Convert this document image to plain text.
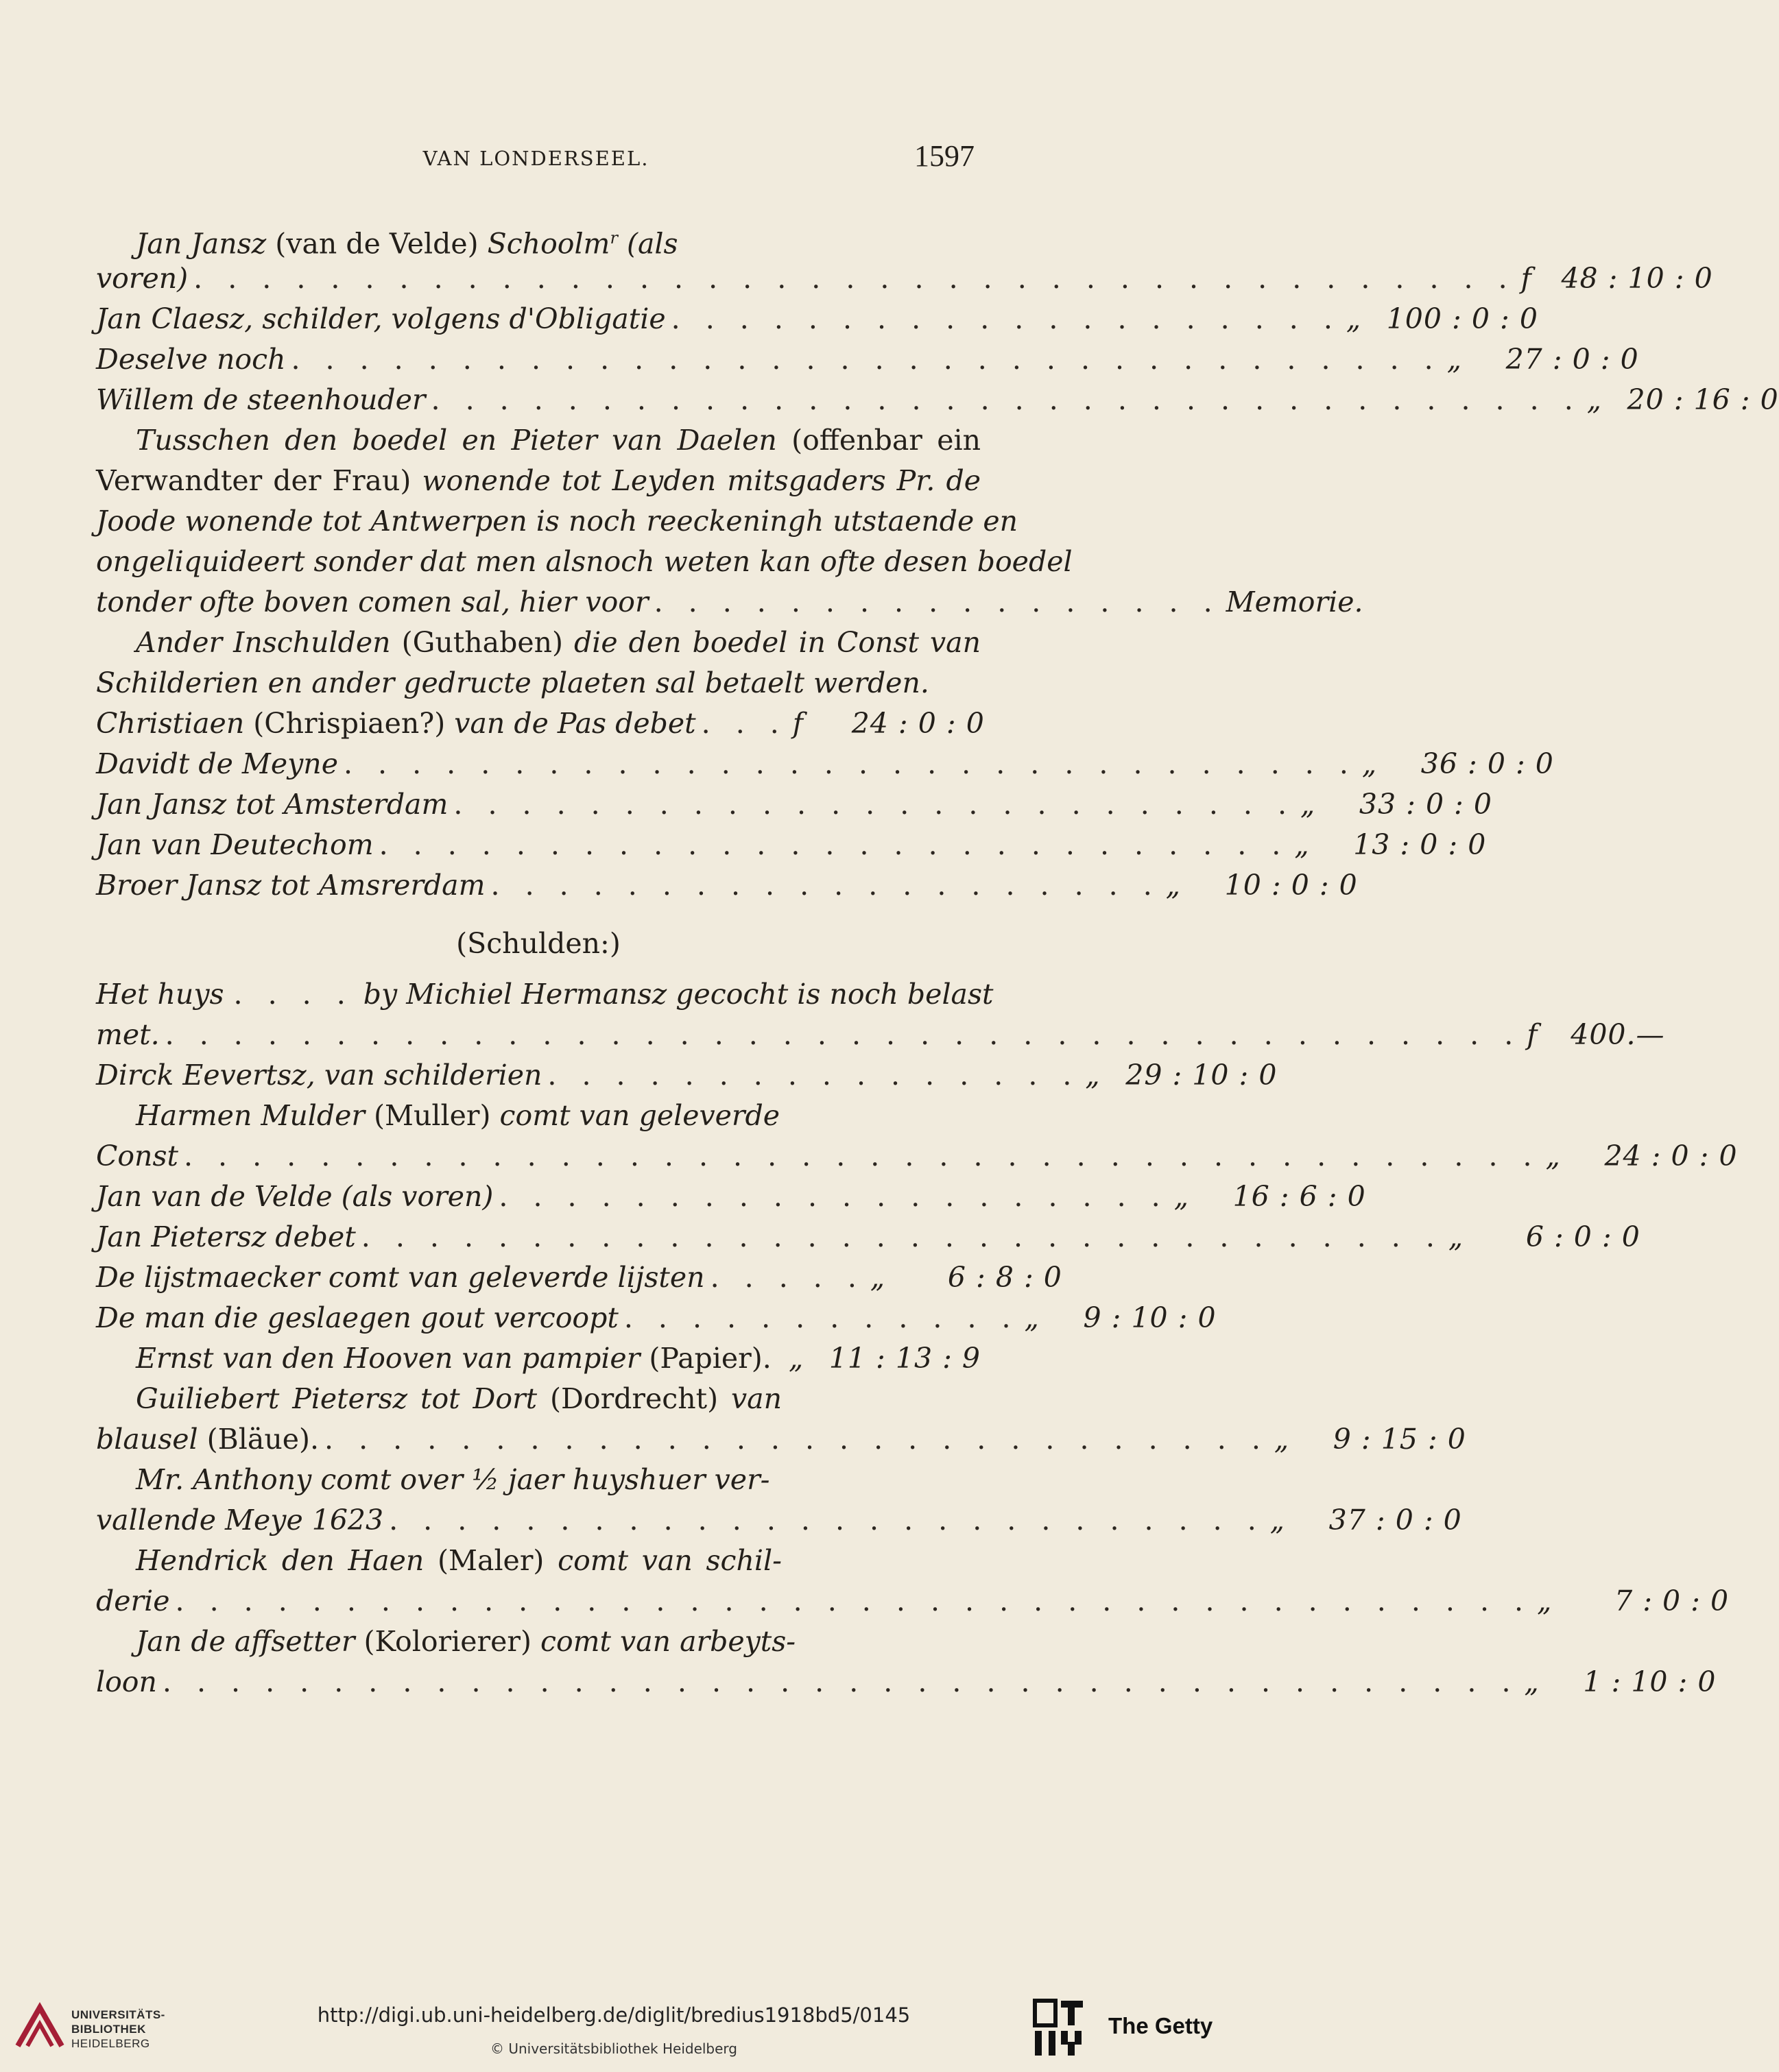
VAN LONDERSEEL.	1597
Jan Jansz (van de Velde) Schoolm$^r$ (als
voren) . . . . . . . . . . . . . . . . . . . . . . . . . . . . . . . . . . . . . . . f	48 : 10 : 0
Jan Claesz, schilder, volgens d'Obligatie . . . . . . . . . . . . . . . . . . . . „ 100 : 0 : 0
Deselve noch . . . . . . . . . . . . . . . . . . . . . . . . . . . . . . . . . . „	27 : 0 : 0
Willem de steenhouder . . . . . . . . . . . . . . . . . . . . . . . . . . . . . . . . . . „ 20 : 16 : 0
Tusschen den boedel en Pieter van Daelen (offenbar ein
Verwandter der Frau) wonende tot Leyden mitsgaders Pr. de
Joode wonende tot Antwerpen is noch reeckeningh utstaende en
ongeliquideert sonder dat men alsnoch weten kan ofte desen boedel
tonder ofte boven comen sal, hier voor . . . . . . . . . . . . . . . . . Memorie.
Ander Inschulden (Guthaben) die den boedel in Const van
Schilderien en ander gedructe plaeten sal betaelt werden.
Christiaen (Chrispiaen?) van de Pas debet . . . f	24 : 0 : 0
Davidt de Meyne . . . . . . . . . . . . . . . . . . . . . . . . . . . . . . „	36 : 0 : 0
Jan Jansz tot Amsterdam . . . . . . . . . . . . . . . . . . . . . . . . . „	33 : 0 : 0
Jan van Deutechom . . . . . . . . . . . . . . . . . . . . . . . . . . . „	13 : 0 : 0
Broer Jansz tot Amsrerdam . . . . . . . . . . . . . . . . . . . . „	10 : 0 : 0
(Schulden:)
Het huys . . . . by Michiel Hermansz gecocht is noch belast
met. . . . . . . . . . . . . . . . . . . . . . . . . . . . . . . . . . . . . . . . . f	400.—
Dirck Eevertsz, van schilderien . . . . . . . . . . . . . . . . „ 29 : 10 : 0
Harmen Mulder (Muller) comt van geleverde
Const . . . . . . . . . . . . . . . . . . . . . . . . . . . . . . . . . . . . . . . . „	24 : 0 : 0
Jan van de Velde (als voren) . . . . . . . . . . . . . . . . . . . . „	16 : 6 : 0
Jan Pietersz debet . . . . . . . . . . . . . . . . . . . . . . . . . . . . . . . . „	6 : 0 : 0
De lijstmaecker comt van geleverde lijsten . . . . . „	6 : 8 : 0
De man die geslaegen gout vercoopt . . . . . . . . . . . . „	9 : 10 : 0
Ernst van den Hooven van pampier (Papier). „ 11 : 13 : 9
Guiliebert Pietersz tot Dort (Dordrecht) van
blausel (Bläue). . . . . . . . . . . . . . . . . . . . . . . . . . . . . „	9 : 15 : 0
Mr. Anthony comt over ½ jaer huyshuer ver-
vallende Meye 1623 . . . . . . . . . . . . . . . . . . . . . . . . . . „	37 : 0 : 0
Hendrick den Haen (Maler) comt van schil-
derie . . . . . . . . . . . . . . . . . . . . . . . . . . . . . . . . . . . . . . . . „	7 : 0 : 0
Jan de affsetter (Kolorierer) comt van arbeyts-
loon . . . . . . . . . . . . . . . . . . . . . . . . . . . . . . . . . . . . . . . . „	1 : 10 : 0
UNIVERSITÄTS-
BIBLIOTHEK
HEIDELBERG
http://digi.ub.uni-heidelberg.de/diglit/bredius1918bd5/0145
© Universitätsbibliothek Heidelberg
The Getty
